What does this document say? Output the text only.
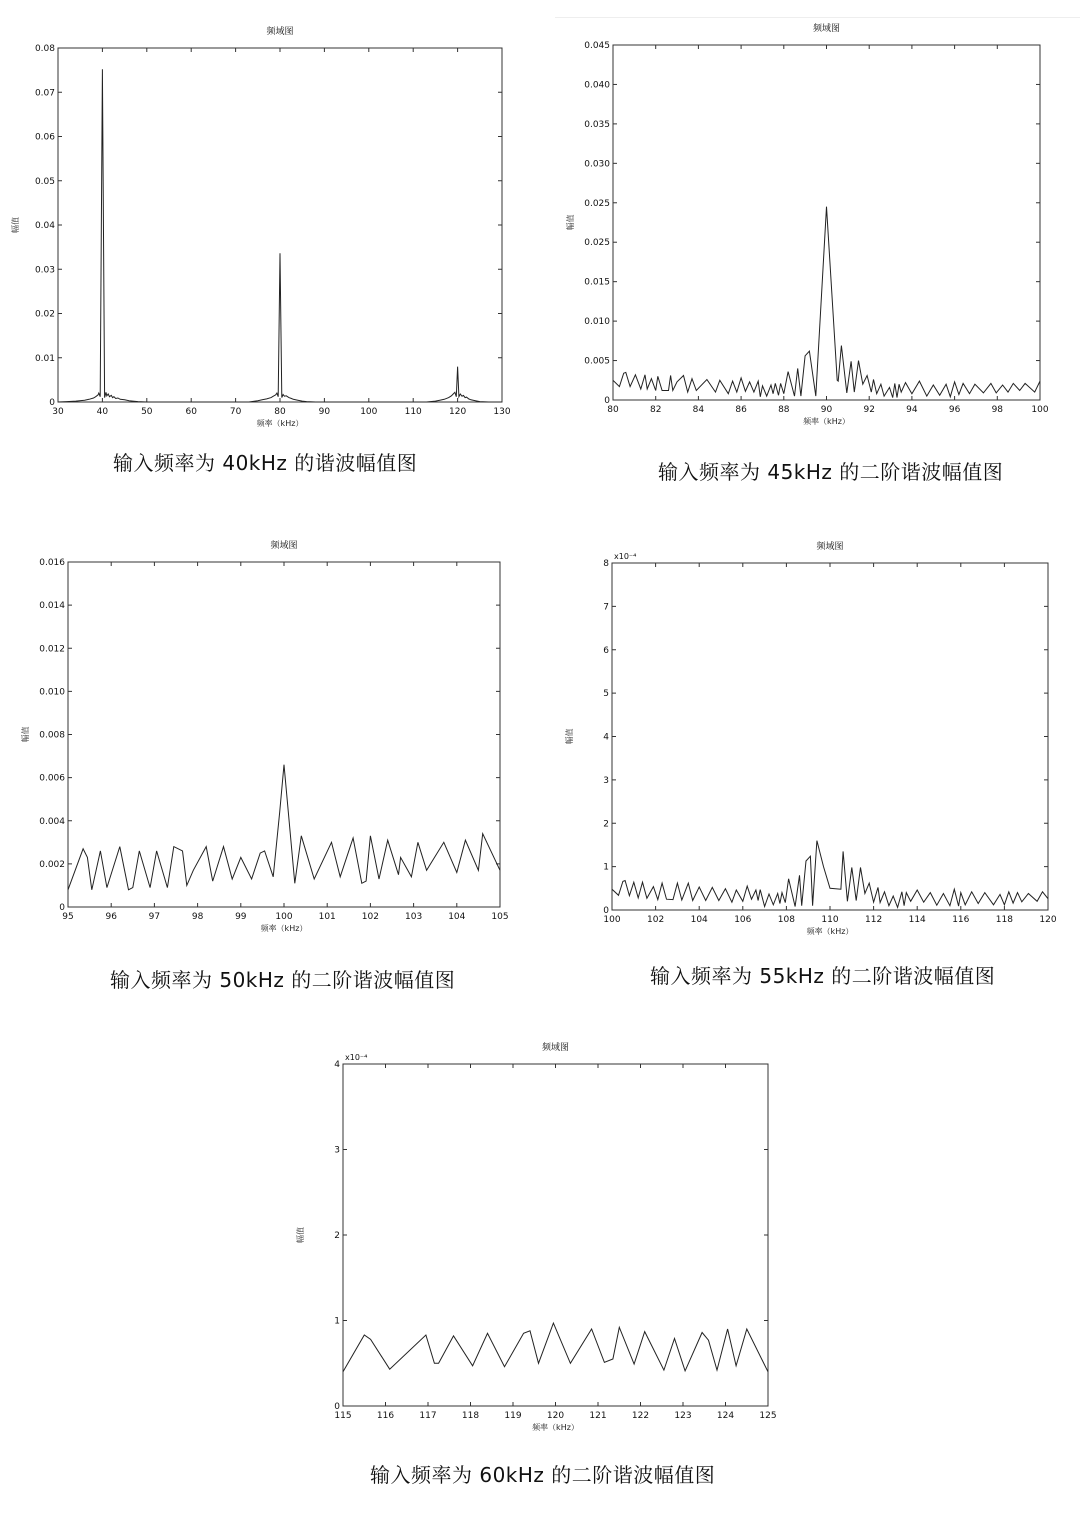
30	40	50	60	70	80	90	100	110	120	130
0
0.01
0.02
0.03
0.04
0.05
0.06
0.07
0.08
频域图
频率（kHz）
幅值
输入频率为 40kHz 的谐波幅值图
80	82	84	86	88	90	92	94	96	98	100
0
0.005
0.010
0.015
0.025
0.025
0.030
0.035
0.040
0.045
频域图
频率（kHz）
幅值
输入频率为 45kHz 的二阶谐波幅值图
95	96	97	98	99	100	101	102	103	104	105
0
0.002
0.004
0.006
0.008
0.010
0.012
0.014
0.016
频域图
频率（kHz）
幅值
输入频率为 50kHz 的二阶谐波幅值图
100	102	104	106	108	110	112	114	116	118	120
0
1
2
3
4
5
6
7
8
x10⁻⁴
频域图
频率（kHz）
幅值
输入频率为 55kHz 的二阶谐波幅值图
115	116	117	118	119	120	121	122	123	124	125
0
1
2
3
4
x10⁻⁴
频域图
频率（kHz）
幅值
输入频率为 60kHz 的二阶谐波幅值图
